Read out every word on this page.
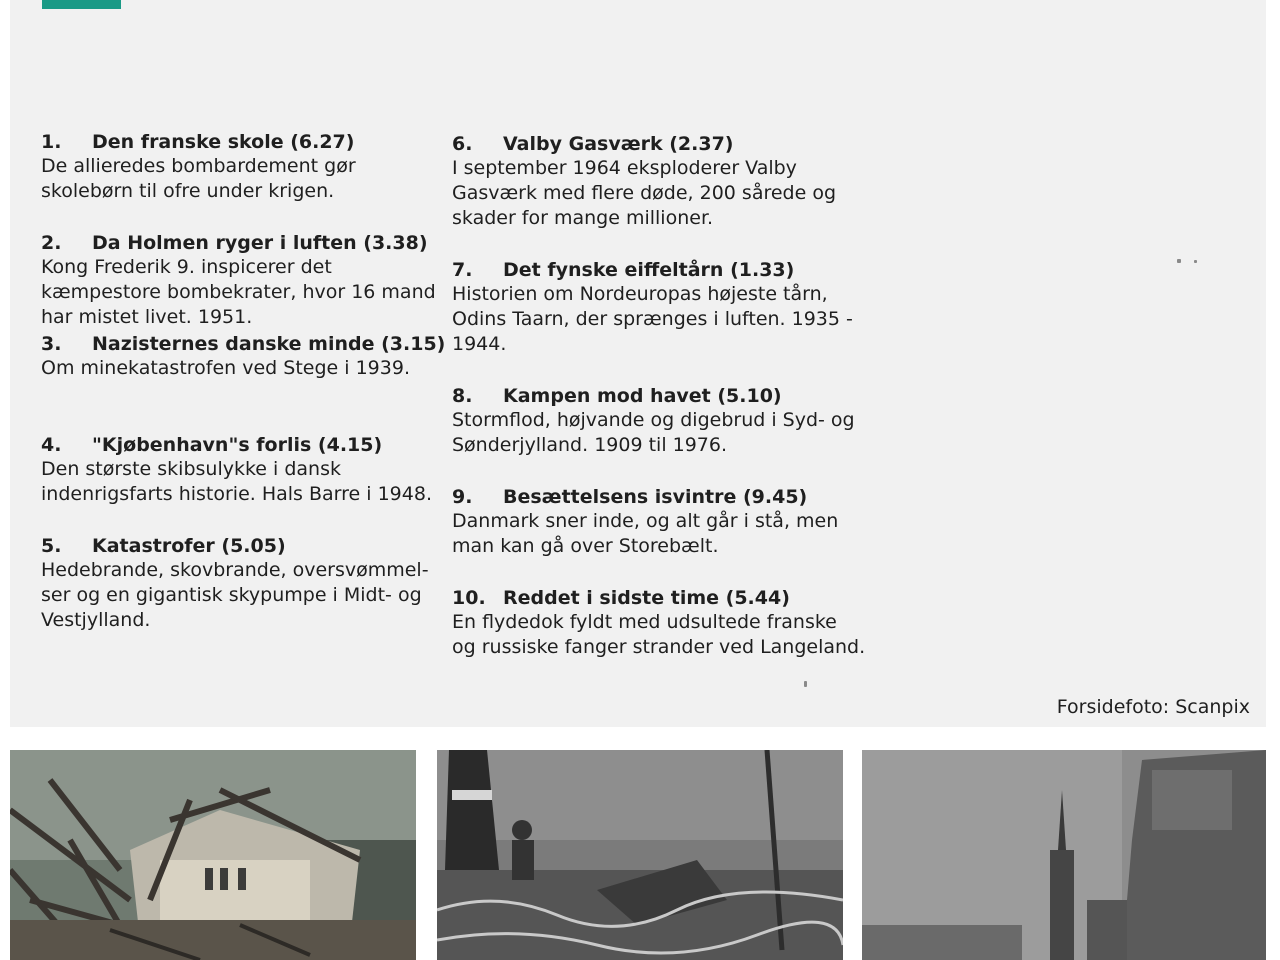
1. Den franske skole (6.27)
De allieredes bombardement gør
skolebørn til ofre under krigen.
2. Da Holmen ryger i luften (3.38)
Kong Frederik 9. inspicerer det
kæmpestore bombekrater, hvor 16 mand
har mistet livet. 1951.
3. Nazisternes danske minde (3.15)
Om minekatastrofen ved Stege i 1939.
4. "Kjøbenhavn"s forlis (4.15)
Den største skibsulykke i dansk
indenrigsfarts historie. Hals Barre i 1948.
5. Katastrofer (5.05)
Hedebrande, skovbrande, oversvømmel-
ser og en gigantisk skypumpe i Midt- og
Vestjylland.
6. Valby Gasværk (2.37)
I september 1964 eksploderer Valby
Gasværk med flere døde, 200 sårede og
skader for mange millioner.
7. Det fynske eiffeltårn (1.33)
Historien om Nordeuropas højeste tårn,
Odins Taarn, der sprænges i luften. 1935 -
1944.
8. Kampen mod havet (5.10)
Stormflod, højvande og digebrud i Syd- og
Sønderjylland. 1909 til 1976.
9. Besættelsens isvintre (9.45)
Danmark sner inde, og alt går i stå, men
man kan gå over Storebælt.
10. Reddet i sidste time (5.44)
En flydedok fyldt med udsultede franske
og russiske fanger strander ved Langeland.
Forsidefoto: Scanpix
